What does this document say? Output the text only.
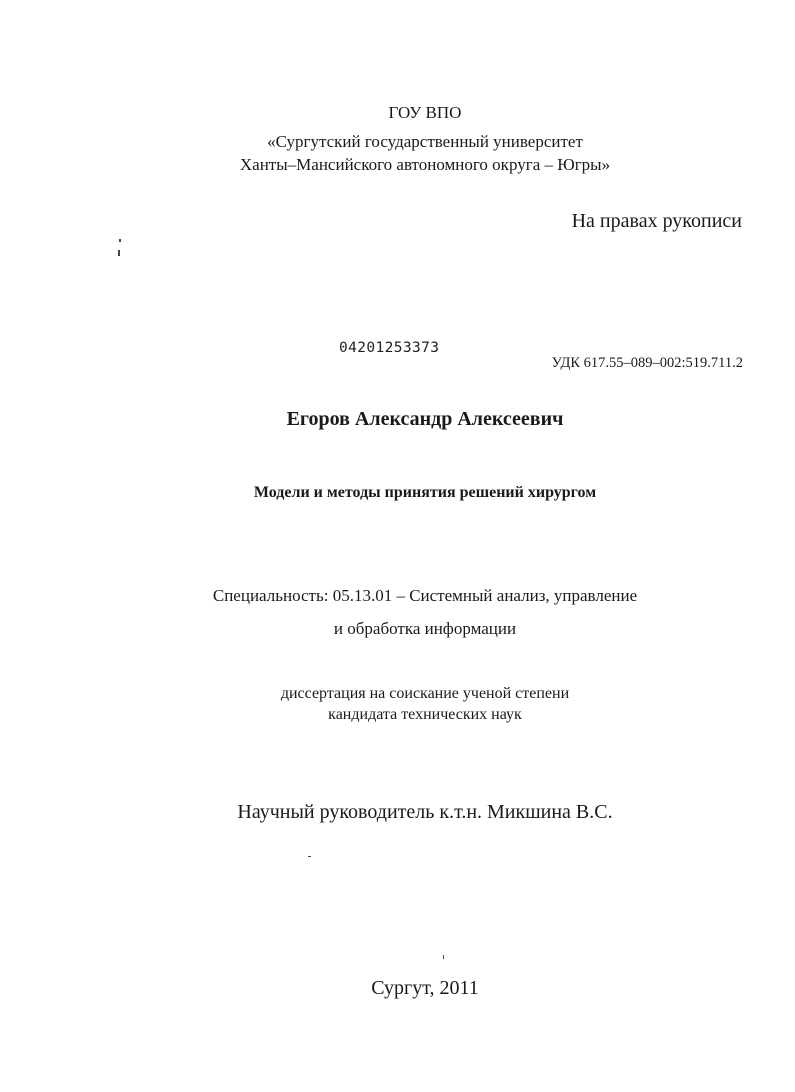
ГОУ ВПО
«Сургутский государственный университет
Ханты–Мансийского автономного округа – Югры»
На правах рукописи
04201253373
УДК 617.55–089–002:519.711.2
Егоров Александр Алексеевич
Модели и методы принятия решений хирургом
Специальность: 05.13.01 – Системный анализ, управление
и обработка информации
диссертация на соискание ученой степени
кандидата технических наук
Научный руководитель к.т.н. Микшина В.С.
Сургут, 2011
